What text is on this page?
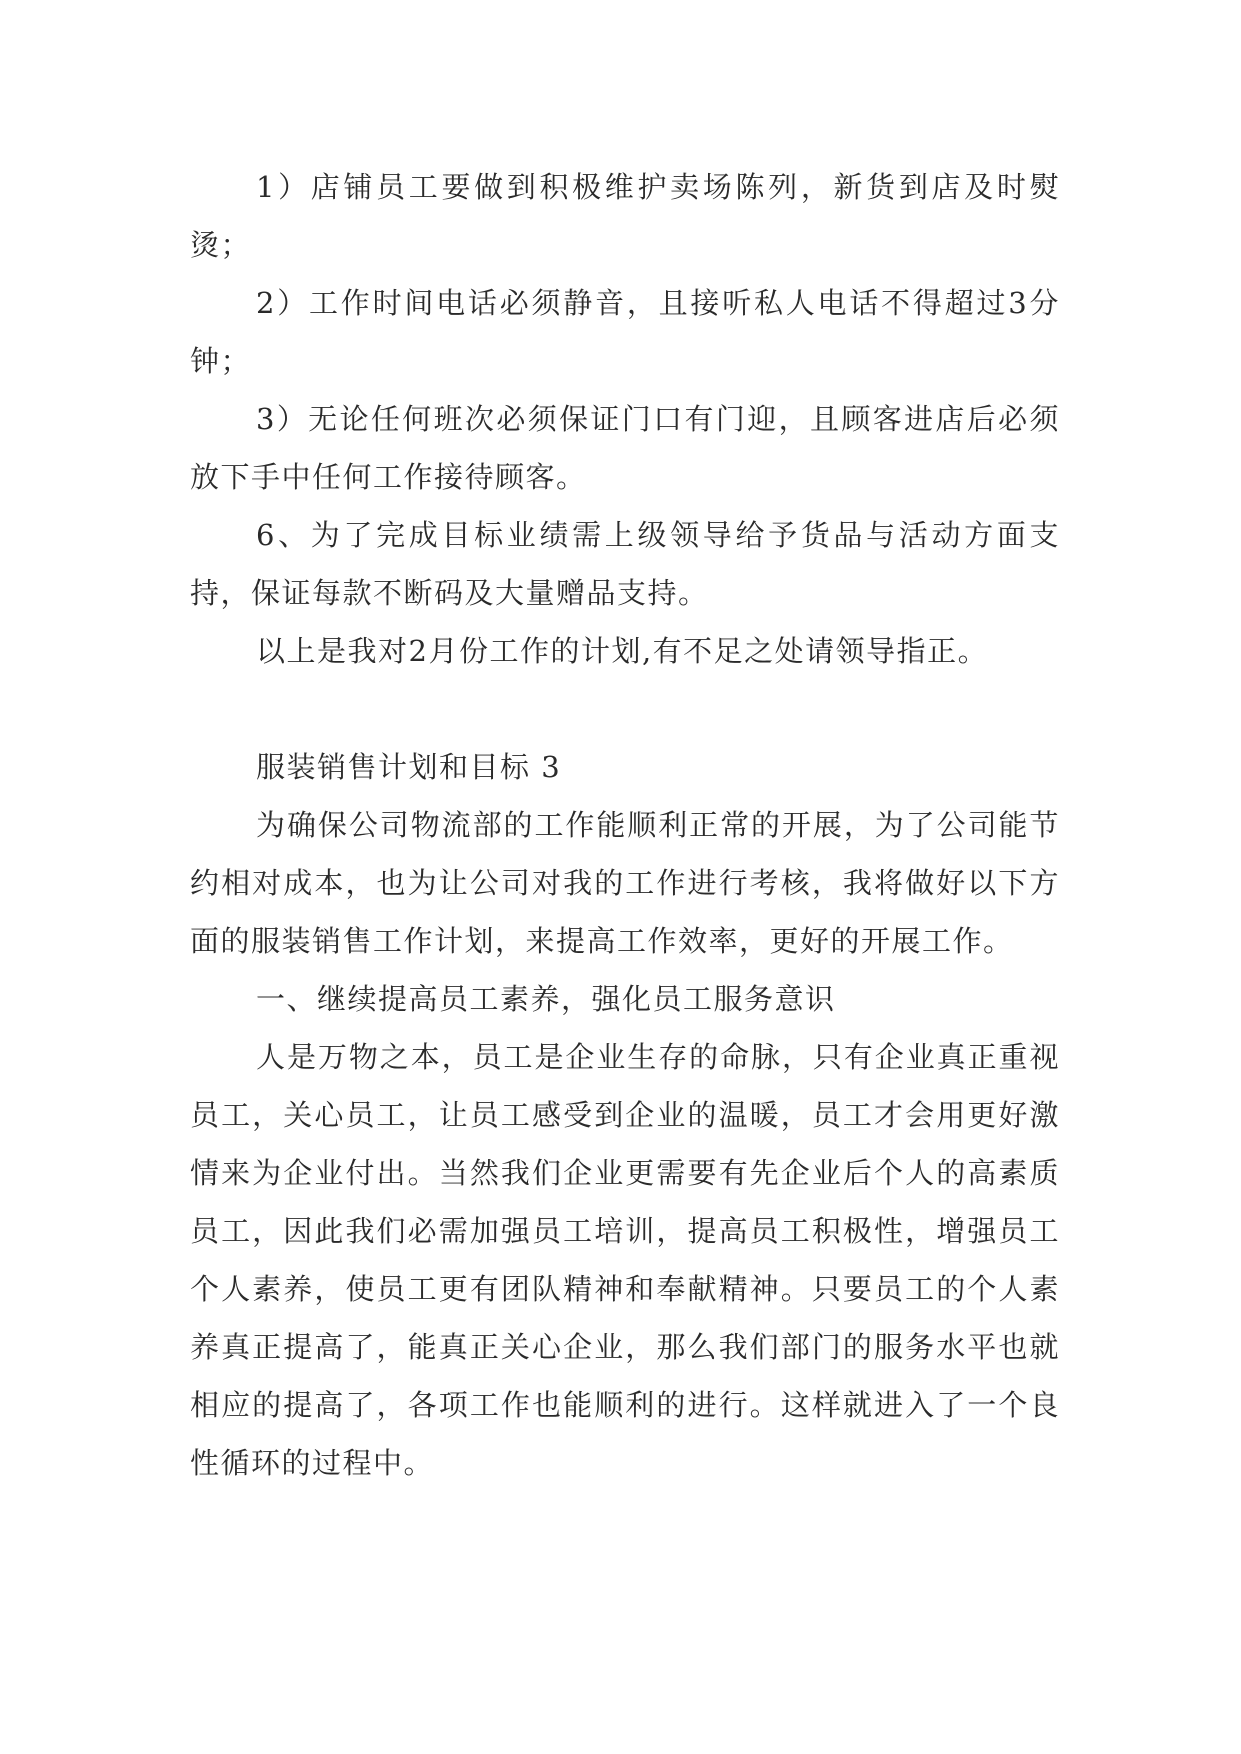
1）店铺员工要做到积极维护卖场陈列，新货到店及时熨烫；

2）工作时间电话必须静音，且接听私人电话不得超过3分钟；

3）无论任何班次必须保证门口有门迎，且顾客进店后必须放下手中任何工作接待顾客。

6、为了完成目标业绩需上级领导给予货品与活动方面支持，保证每款不断码及大量赠品支持。

以上是我对2月份工作的计划,有不足之处请领导指正。

服装销售计划和目标 3

为确保公司物流部的工作能顺利正常的开展，为了公司能节约相对成本，也为让公司对我的工作进行考核，我将做好以下方面的服装销售工作计划，来提高工作效率，更好的开展工作。

一、继续提高员工素养，强化员工服务意识

人是万物之本，员工是企业生存的命脉，只有企业真正重视员工，关心员工，让员工感受到企业的温暖，员工才会用更好激情来为企业付出。当然我们企业更需要有先企业后个人的高素质员工，因此我们必需加强员工培训，提高员工积极性，增强员工个人素养，使员工更有团队精神和奉献精神。只要员工的个人素养真正提高了，能真正关心企业，那么我们部门的服务水平也就相应的提高了，各项工作也能顺利的进行。这样就进入了一个良性循环的过程中。
